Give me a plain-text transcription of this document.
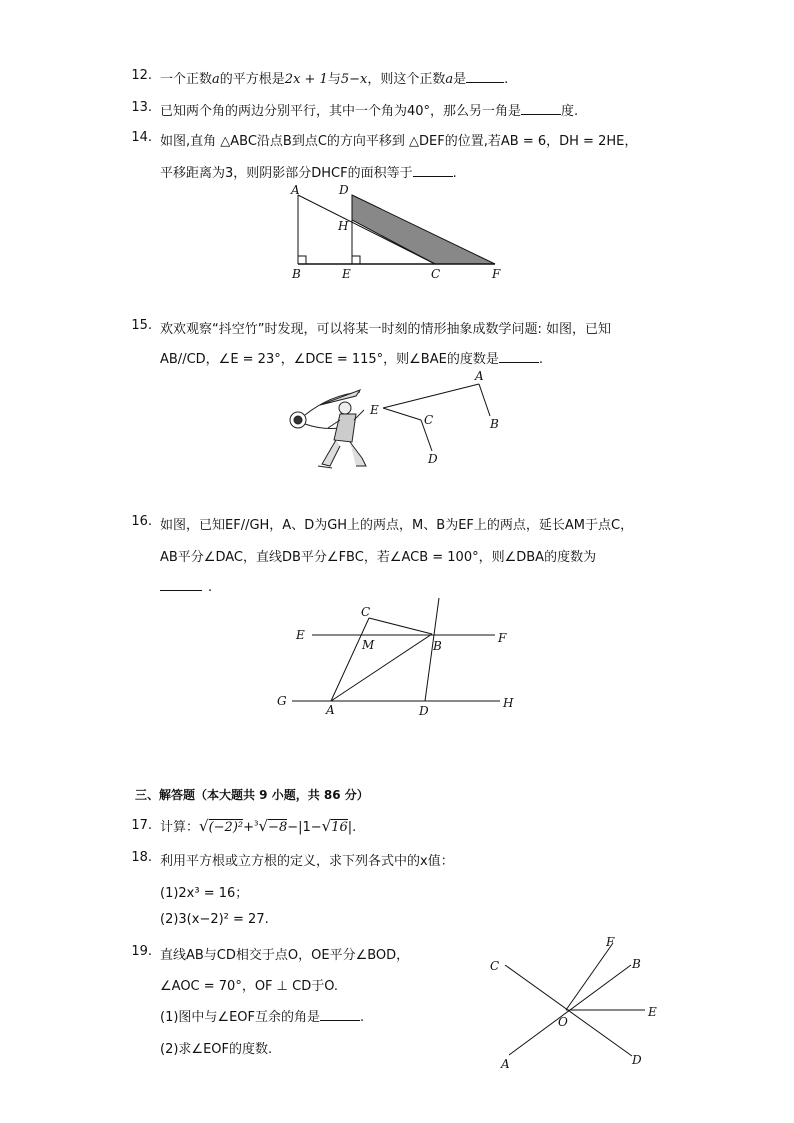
12. 一个正数a的平方根是2x + 1与5−x，则这个正数a是	.
13. 已知两个角的两边分别平行，其中一个角为40°，那么另一角是	度.
14. 如图,直角 △ABC沿点B到点C的方向平移到 △DEF的位置,若AB = 6，DH = 2HE，
平移距离为3，则阴影部分DHCF的面积等于	.
A	D
H
B	E	C	F
15. 欢欢观察“抖空竹”时发现，可以将某一时刻的情形抽象成数学问题: 如图，已知
AB//CD，∠E = 23°，∠DCE = 115°，则∠BAE的度数是	.
A
B
C
D
E
16. 如图，已知EF//GH，A、D为GH上的两点，M、B为EF上的两点，延长AM于点C，
AB平分∠DAC，直线DB平分∠FBC，若∠ACB = 100°，则∠DBA的度数为
.
C
E
M	B
F
G
A	D
H
三、解答题（本大题共 9 小题，共 86 分）
17. 计算：√(−2)²+$^3$√−8−|1−√16|.
18. 利用平方根或立方根的定义，求下列各式中的x值：
(1)2x³ = 16；
(2)3(x−2)² = 27.
19. 直线AB与CD相交于点O，OE平分∠BOD，
∠AOC = 70°，OF ⊥ CD于O.
(1)图中与∠EOF互余的角是	.
(2)求∠EOF的度数.
F
C	B
E
O
A	D
